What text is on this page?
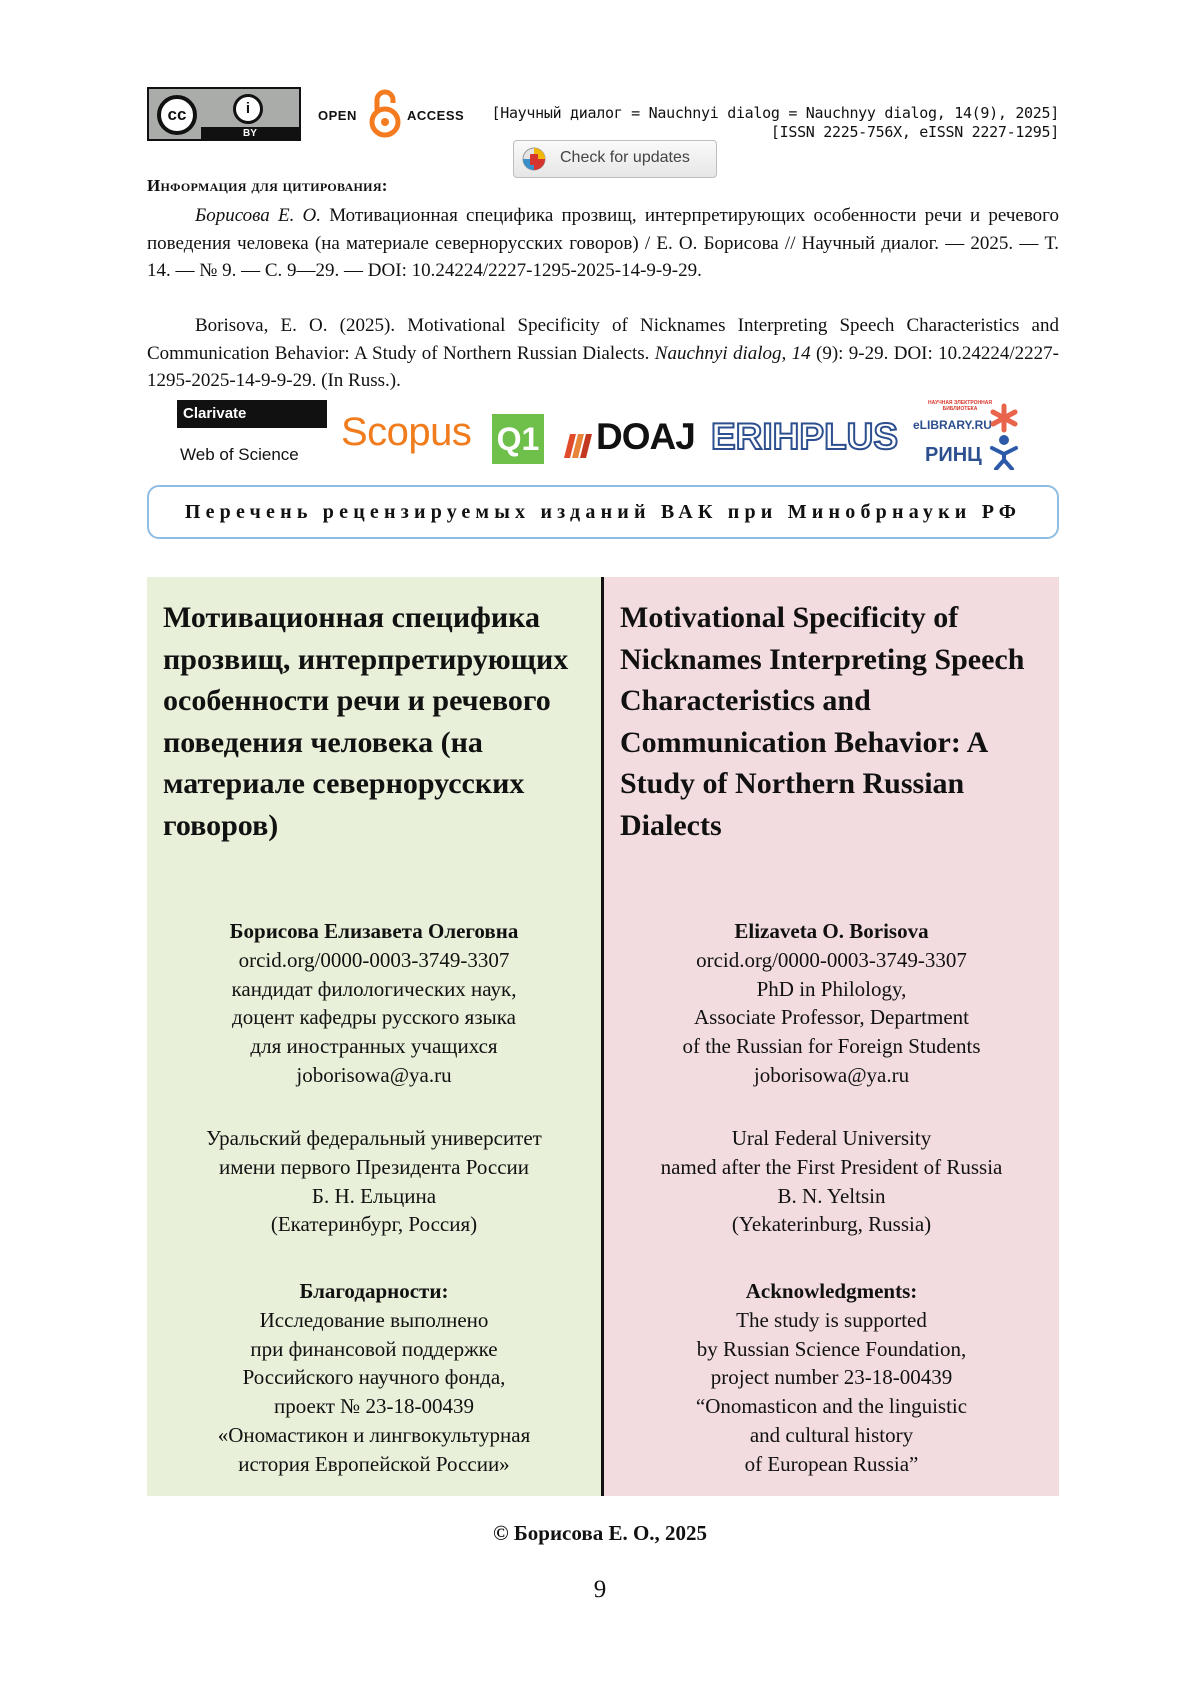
cc	i
BY
OPEN	ACCESS [Научный диалог = Nauchnyi dialog = Nauchnyy dialog, 14(9), 2025]
[ISSN 2225-756X, eISSN 2227-1295]
Check for updates
Информация для цитирования:

Борисова Е. О. Мотивационная специфика прозвищ, интерпретирующих особенности речи и речевого поведения человека (на материале севернорусских говоров) / Е. О. Борисова // Научный диалог. — 2025. — Т. 14. — № 9. — С. 9—29. — DOI: 10.24224/2227-1295-2025-14-9-9-29.

Borisova, E. O. (2025). Motivational Specificity of Nicknames Interpreting Speech Characteristics and Communication Behavior: A Study of Northern Russian Dialects. Nauchnyi dialog, 14 (9): 9-29. DOI: 10.24224/2227-1295-2025-14-9-9-29. (In Russ.).

Clarivate
Web of Science
Scopus Q1 DOAJ ERIHPLUS
НАУЧНАЯ ЭЛЕКТРОННАЯ БИБЛИОТЕКА
eLIBRARY.RU
РИНЦ
Перечень рецензируемых изданий ВАК при Минобрнауки РФ
Мотивационная специфика прозвищ, интерпретирующих особенности речи и речевого поведения человека (на материале севернорусских говоров)
Борисова Елизавета Олеговна
orcid.org/0000-0003-3749-3307
кандидат филологических наук,
доцент кафедры русского языка
для иностранных учащихся
joborisowa@ya.ru
Уральский федеральный университет
имени первого Президента России
Б. Н. Ельцина
(Екатеринбург, Россия)
Благодарности:
Исследование выполнено
при финансовой поддержке
Российского научного фонда,
проект № 23-18-00439
«Ономастикон и лингвокультурная
история Европейской России»
Motivational Specificity of Nicknames Interpreting Speech Characteristics and Communication Behavior: A Study of Northern Russian Dialects
Elizaveta O. Borisova
orcid.org/0000-0003-3749-3307
PhD in Philology,
Associate Professor, Department
of the Russian for Foreign Students
joborisowa@ya.ru
Ural Federal University
named after the First President of Russia
B. N. Yeltsin
(Yekaterinburg, Russia)
Acknowledgments:
The study is supported
by Russian Science Foundation,
project number 23-18-00439
“Onomasticon and the linguistic
and cultural history
of European Russia”
© Борисова Е. О., 2025
9
